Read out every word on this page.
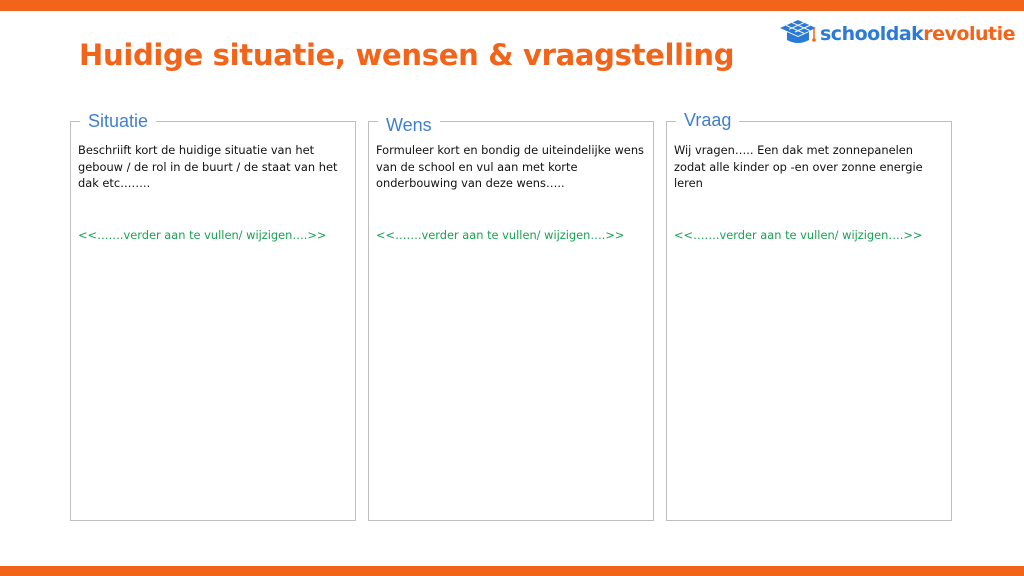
Huidige situatie, wensen & vraagstelling
schooldakrevolutie
Situatie
Beschriift kort de huidige situatie van het gebouw / de rol in de buurt / de staat van het dak etc……..
<<…….verder aan te vullen/ wijzigen….>>
Wens
Formuleer kort en bondig de uiteindelijke wens van de school en vul aan met korte onderbouwing van deze wens…..
<<…….verder aan te vullen/ wijzigen….>>
Vraag
Wij vragen….. Een dak met zonnepanelen zodat alle kinder op -en over zonne energie leren
<<…….verder aan te vullen/ wijzigen….>>
